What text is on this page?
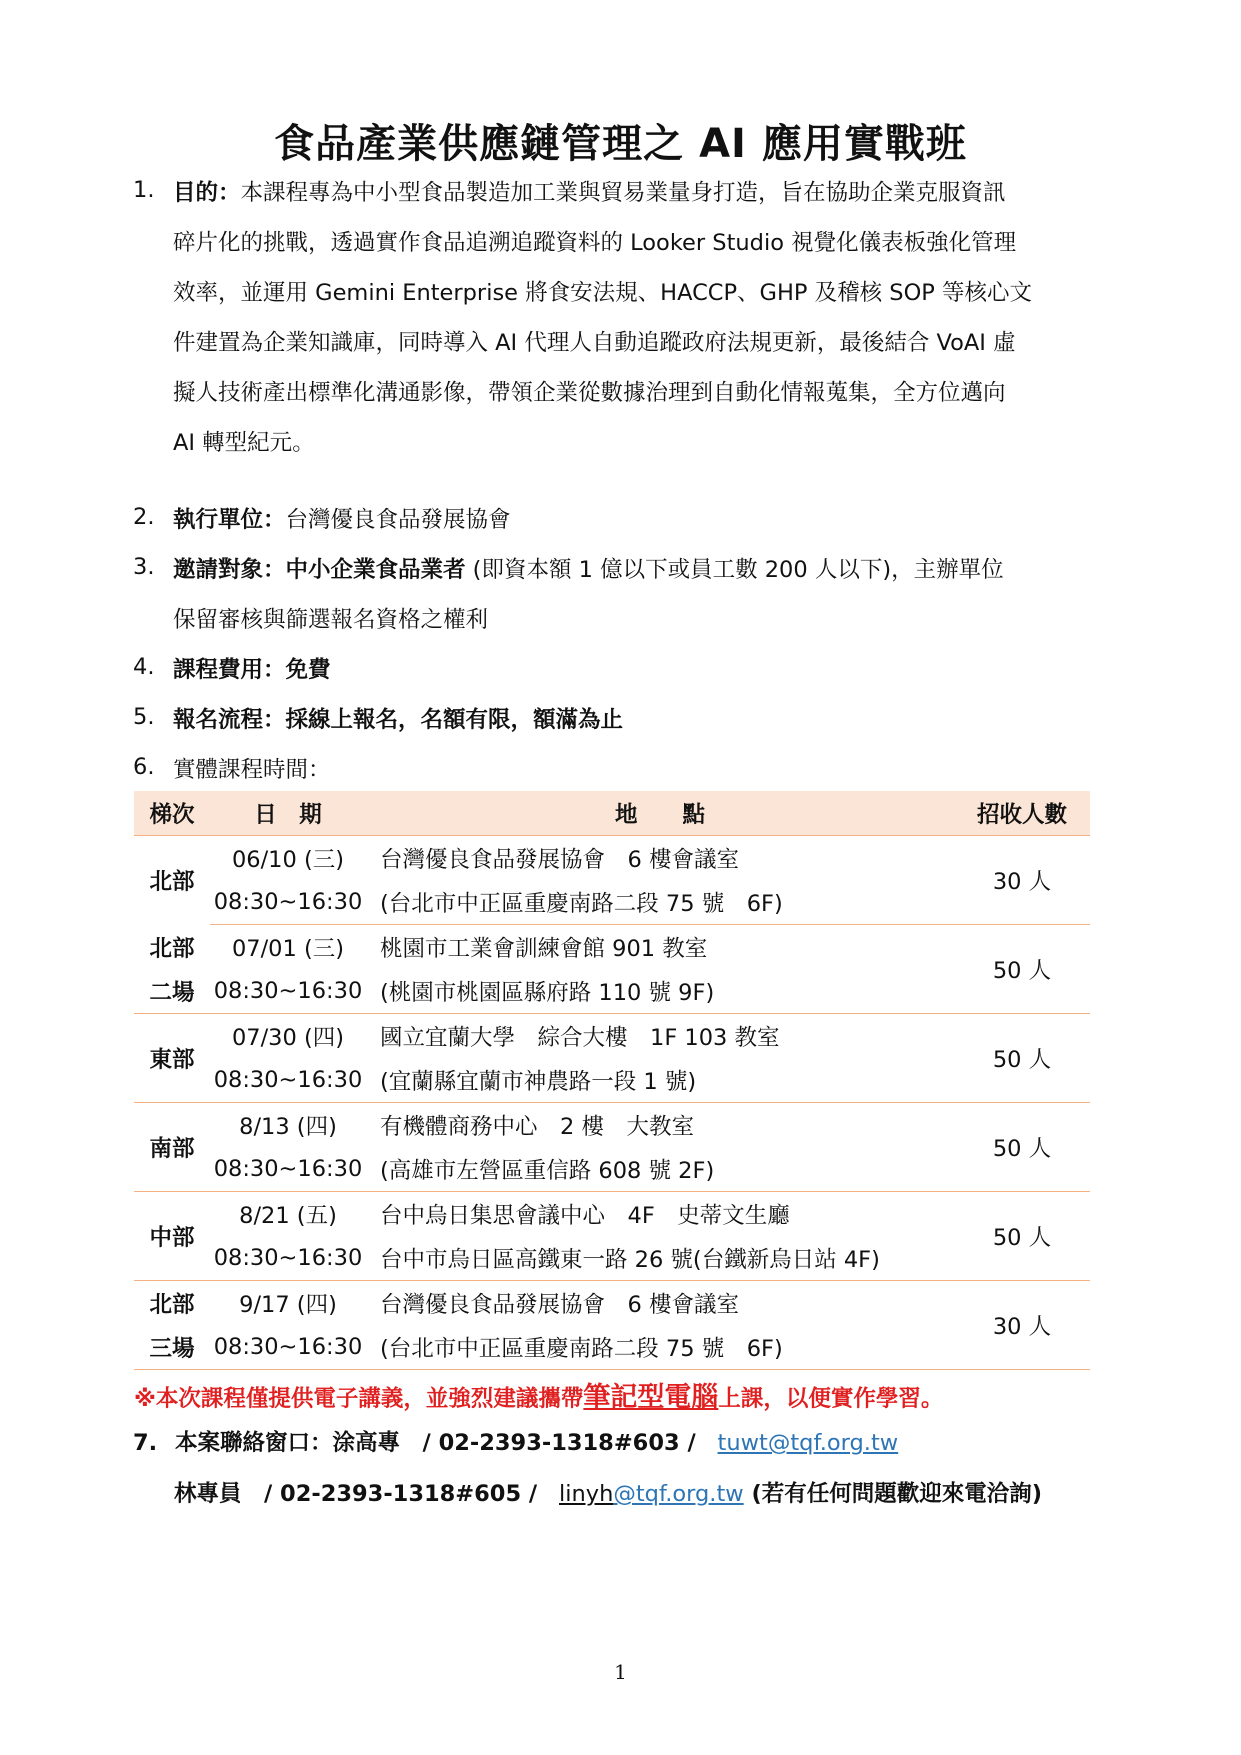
食品產業供應鏈管理之 AI 應用實戰班
1. 目的：本課程專為中小型食品製造加工業與貿易業量身打造，旨在協助企業克服資訊
碎片化的挑戰，透過實作食品追溯追蹤資料的 Looker Studio 視覺化儀表板強化管理
效率，並運用 Gemini Enterprise 將食安法規、HACCP、GHP 及稽核 SOP 等核心文
件建置為企業知識庫，同時導入 AI 代理人自動追蹤政府法規更新，最後結合 VoAI 虛
擬人技術產出標準化溝通影像，帶領企業從數據治理到自動化情報蒐集，全方位邁向
AI 轉型紀元。
2. 執行單位：台灣優良食品發展協會
3. 邀請對象：中小企業食品業者 (即資本額 1 億以下或員工數 200 人以下)，主辦單位
保留審核與篩選報名資格之權利
4. 課程費用：免費
5. 報名流程：採線上報名，名額有限，額滿為止
6. 實體課程時間：
梯次	日　期	地　　點	招收人數
北部	06/10 (三)	台灣優良食品發展協會　6 樓會議室	30 人
	08:30~16:30	(台北市中正區重慶南路二段 75 號　6F)	
北部	07/01 (三)	桃園市工業會訓練會館 901 教室	50 人
二場	08:30~16:30	(桃園市桃園區縣府路 110 號 9F)	
東部	07/30 (四)	國立宜蘭大學　綜合大樓　1F 103 教室	50 人
	08:30~16:30	(宜蘭縣宜蘭市神農路一段 1 號)	
南部	8/13 (四)	有機體商務中心　2 樓　大教室	50 人
	08:30~16:30	(高雄市左營區重信路 608 號 2F)	
中部	8/21 (五)	台中烏日集思會議中心　4F　史蒂文生廳	50 人
	08:30~16:30	台中市烏日區高鐵東一路 26 號(台鐵新烏日站 4F)	
北部	9/17 (四)	台灣優良食品發展協會　6 樓會議室	30 人
三場	08:30~16:30	(台北市中正區重慶南路二段 75 號　6F)	
※本次課程僅提供電子講義，並強烈建議攜帶筆記型電腦上課，以便實作學習。
7. 本案聯絡窗口：涂高專　/ 02-2393-1318#603 / tuwt@tqf.org.tw
林專員　/ 02-2393-1318#605 / linyh@tqf.org.tw (若有任何問題歡迎來電洽詢)
1
